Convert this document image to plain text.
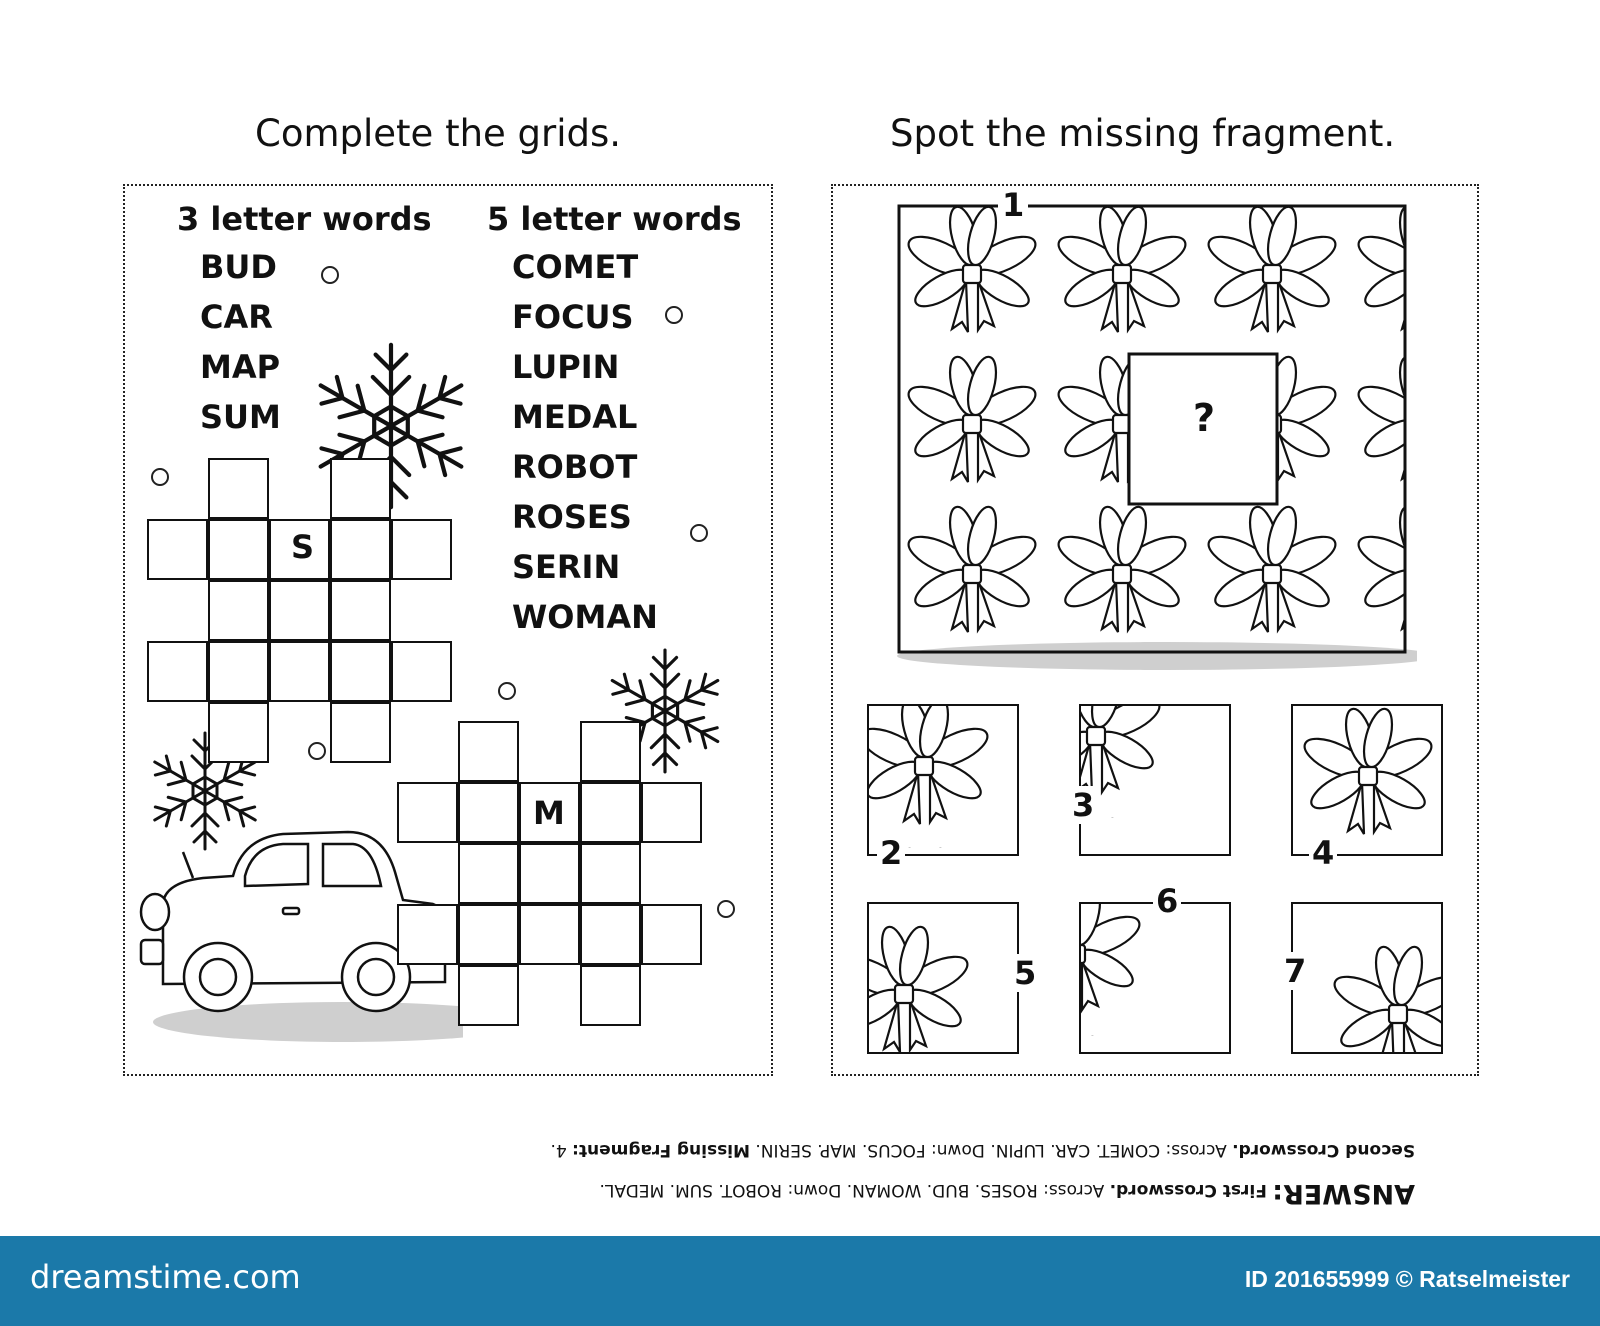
Complete the grids.	Spot the missing fragment.
3 letter words 5 letter words
BUD
CAR
MAP
SUM
COMET
FOCUS
LUPIN
MEDAL
ROBOT
ROSES
SERIN
WOMAN
S
M
1
?
2
3
4
5
6
7
ANSWER: First Crossword. Across: ROSES. BUD. WOMAN. Down: ROBOT. SUM. MEDAL.
Second Crossword. Across: COMET. CAR. LUPIN. Down: FOCUS. MAP. SERIN. Missing Fragment: 4.
dreamstime.com	ID 201655999 © Ratselmeister
